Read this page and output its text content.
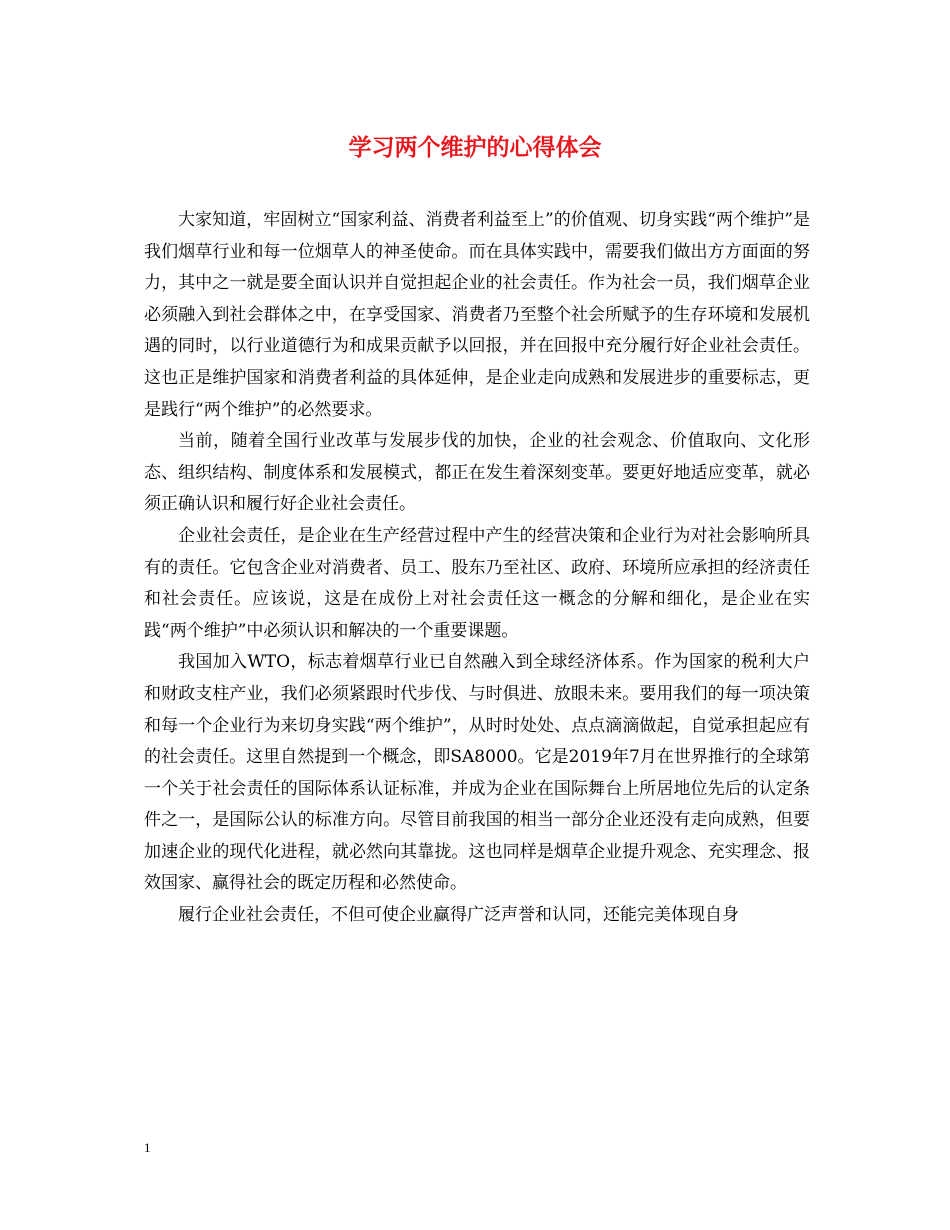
学习两个维护的心得体会

大家知道，牢固树立“国家利益、消费者利益至上”的价值观、切身实践“两个维护”是我们烟草行业和每一位烟草人的神圣使命。而在具体实践中，需要我们做出方方面面的努力，其中之一就是要全面认识并自觉担起企业的社会责任。作为社会一员，我们烟草企业必须融入到社会群体之中，在享受国家、消费者乃至整个社会所赋予的生存环境和发展机遇的同时，以行业道德行为和成果贡献予以回报，并在回报中充分履行好企业社会责任。这也正是维护国家和消费者利益的具体延伸，是企业走向成熟和发展进步的重要标志，更是践行“两个维护”的必然要求。

当前，随着全国行业改革与发展步伐的加快，企业的社会观念、价值取向、文化形态、组织结构、制度体系和发展模式，都正在发生着深刻变革。要更好地适应变革，就必须正确认识和履行好企业社会责任。

企业社会责任，是企业在生产经营过程中产生的经营决策和企业行为对社会影响所具有的责任。它包含企业对消费者、员工、股东乃至社区、政府、环境所应承担的经济责任和社会责任。应该说，这是在成份上对社会责任这一概念的分解和细化，是企业在实践“两个维护”中必须认识和解决的一个重要课题。

我国加入WTO，标志着烟草行业已自然融入到全球经济体系。作为国家的税利大户和财政支柱产业，我们必须紧跟时代步伐、与时俱进、放眼未来。要用我们的每一项决策和每一个企业行为来切身实践“两个维护”，从时时处处、点点滴滴做起，自觉承担起应有的社会责任。这里自然提到一个概念，即SA8000。它是2019年7月在世界推行的全球第一个关于社会责任的国际体系认证标准，并成为企业在国际舞台上所居地位先后的认定条件之一，是国际公认的标准方向。尽管目前我国的相当一部分企业还没有走向成熟，但要加速企业的现代化进程，就必然向其靠拢。这也同样是烟草企业提升观念、充实理念、报效国家、赢得社会的既定历程和必然使命。

履行企业社会责任，不但可使企业赢得广泛声誉和认同，还能完美体现自身

1
